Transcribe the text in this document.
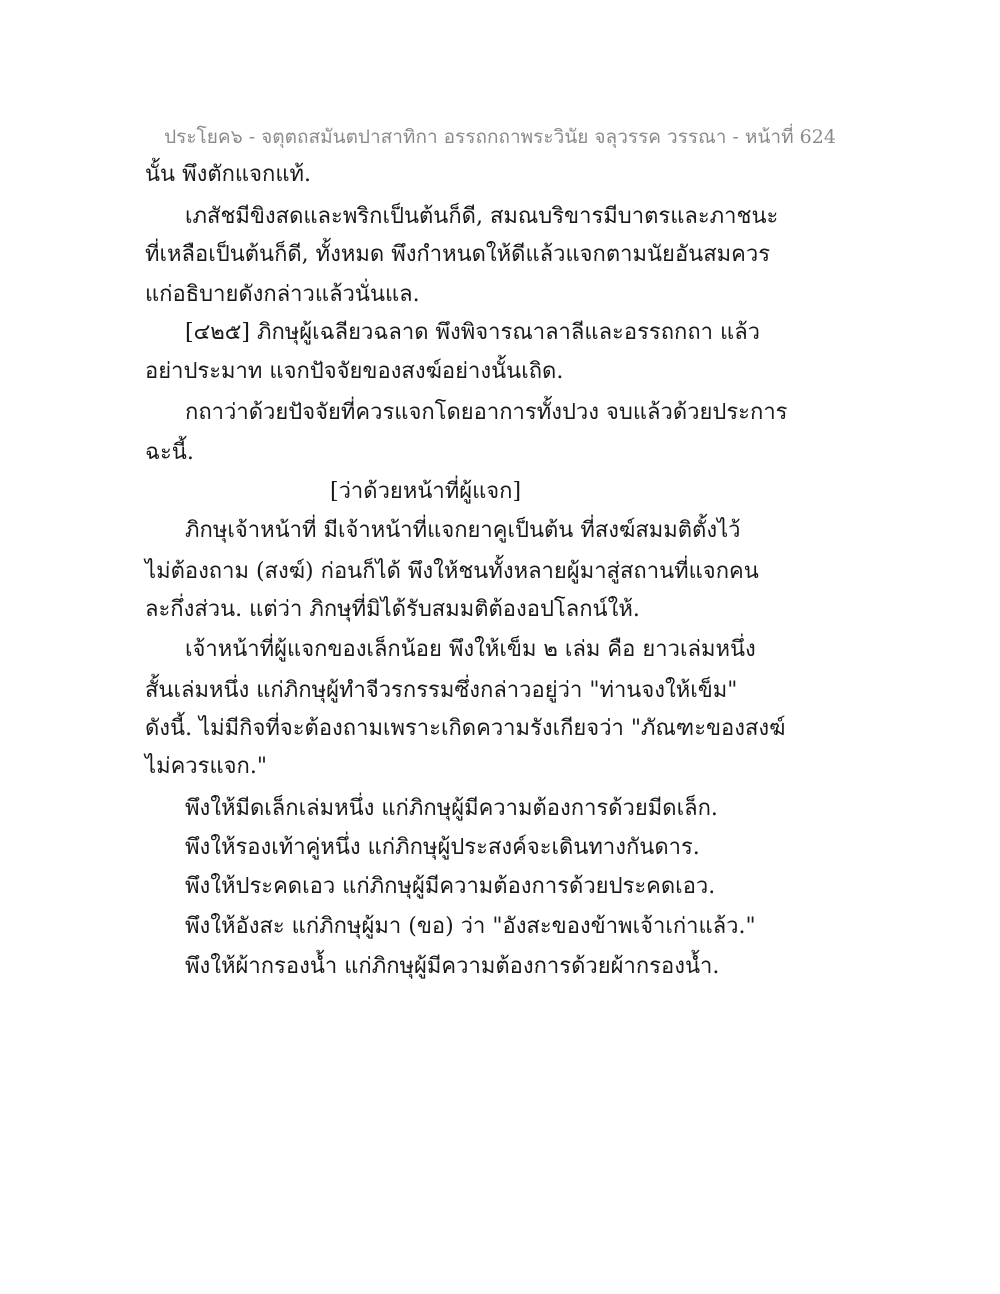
ประโยค๖ - จตุตถสมันตปาสาทิกา อรรถกถาพระวินัย จลุวรรค วรรณา - หน้าที่ 624
นั้น พึงตักแจกแท้.
เภสัชมีขิงสดและพริกเป็นต้นก็ดี, สมณบริขารมีบาตรและภาชนะ
ที่เหลือเป็นต้นก็ดี, ทั้งหมด พึงกำหนดให้ดีแล้วแจกตามนัยอันสมควร
แก่อธิบายดังกล่าวแล้วนั่นแล.
[๔๒๕] ภิกษุผู้เฉลียวฉลาด พึงพิจารณาลาลีและอรรถกถา แล้ว
อย่าประมาท แจกปัจจัยของสงฆ์อย่างนั้นเถิด.
กถาว่าด้วยปัจจัยที่ควรแจกโดยอาการทั้งปวง จบแล้วด้วยประการ
ฉะนี้.
[ว่าด้วยหน้าที่ผู้แจก]
ภิกษุเจ้าหน้าที่ มีเจ้าหน้าที่แจกยาคูเป็นต้น ที่สงฆ์สมมติตั้งไว้
ไม่ต้องถาม (สงฆ์) ก่อนก็ได้ พึงให้ชนทั้งหลายผู้มาสู่สถานที่แจกคน
ละกึ่งส่วน. แต่ว่า ภิกษุที่มิได้รับสมมติต้องอปโลกน์ให้.
เจ้าหน้าที่ผู้แจกของเล็กน้อย พึงให้เข็ม ๒ เล่ม คือ ยาวเล่มหนึ่ง
สั้นเล่มหนึ่ง แก่ภิกษุผู้ทำจีวรกรรมซึ่งกล่าวอยู่ว่า "ท่านจงให้เข็ม"
ดังนี้. ไม่มีกิจที่จะต้องถามเพราะเกิดความรังเกียจว่า "ภัณฑะของสงฆ์
ไม่ควรแจก."
พึงให้มีดเล็กเล่มหนึ่ง แก่ภิกษุผู้มีความต้องการด้วยมีดเล็ก.
พึงให้รองเท้าคู่หนึ่ง แก่ภิกษุผู้ประสงค์จะเดินทางกันดาร.
พึงให้ประคดเอว แก่ภิกษุผู้มีความต้องการด้วยประคดเอว.
พึงให้อังสะ แก่ภิกษุผู้มา (ขอ) ว่า "อังสะของข้าพเจ้าเก่าแล้ว."
พึงให้ผ้ากรองน้ำ แก่ภิกษุผู้มีความต้องการด้วยผ้ากรองน้ำ.
